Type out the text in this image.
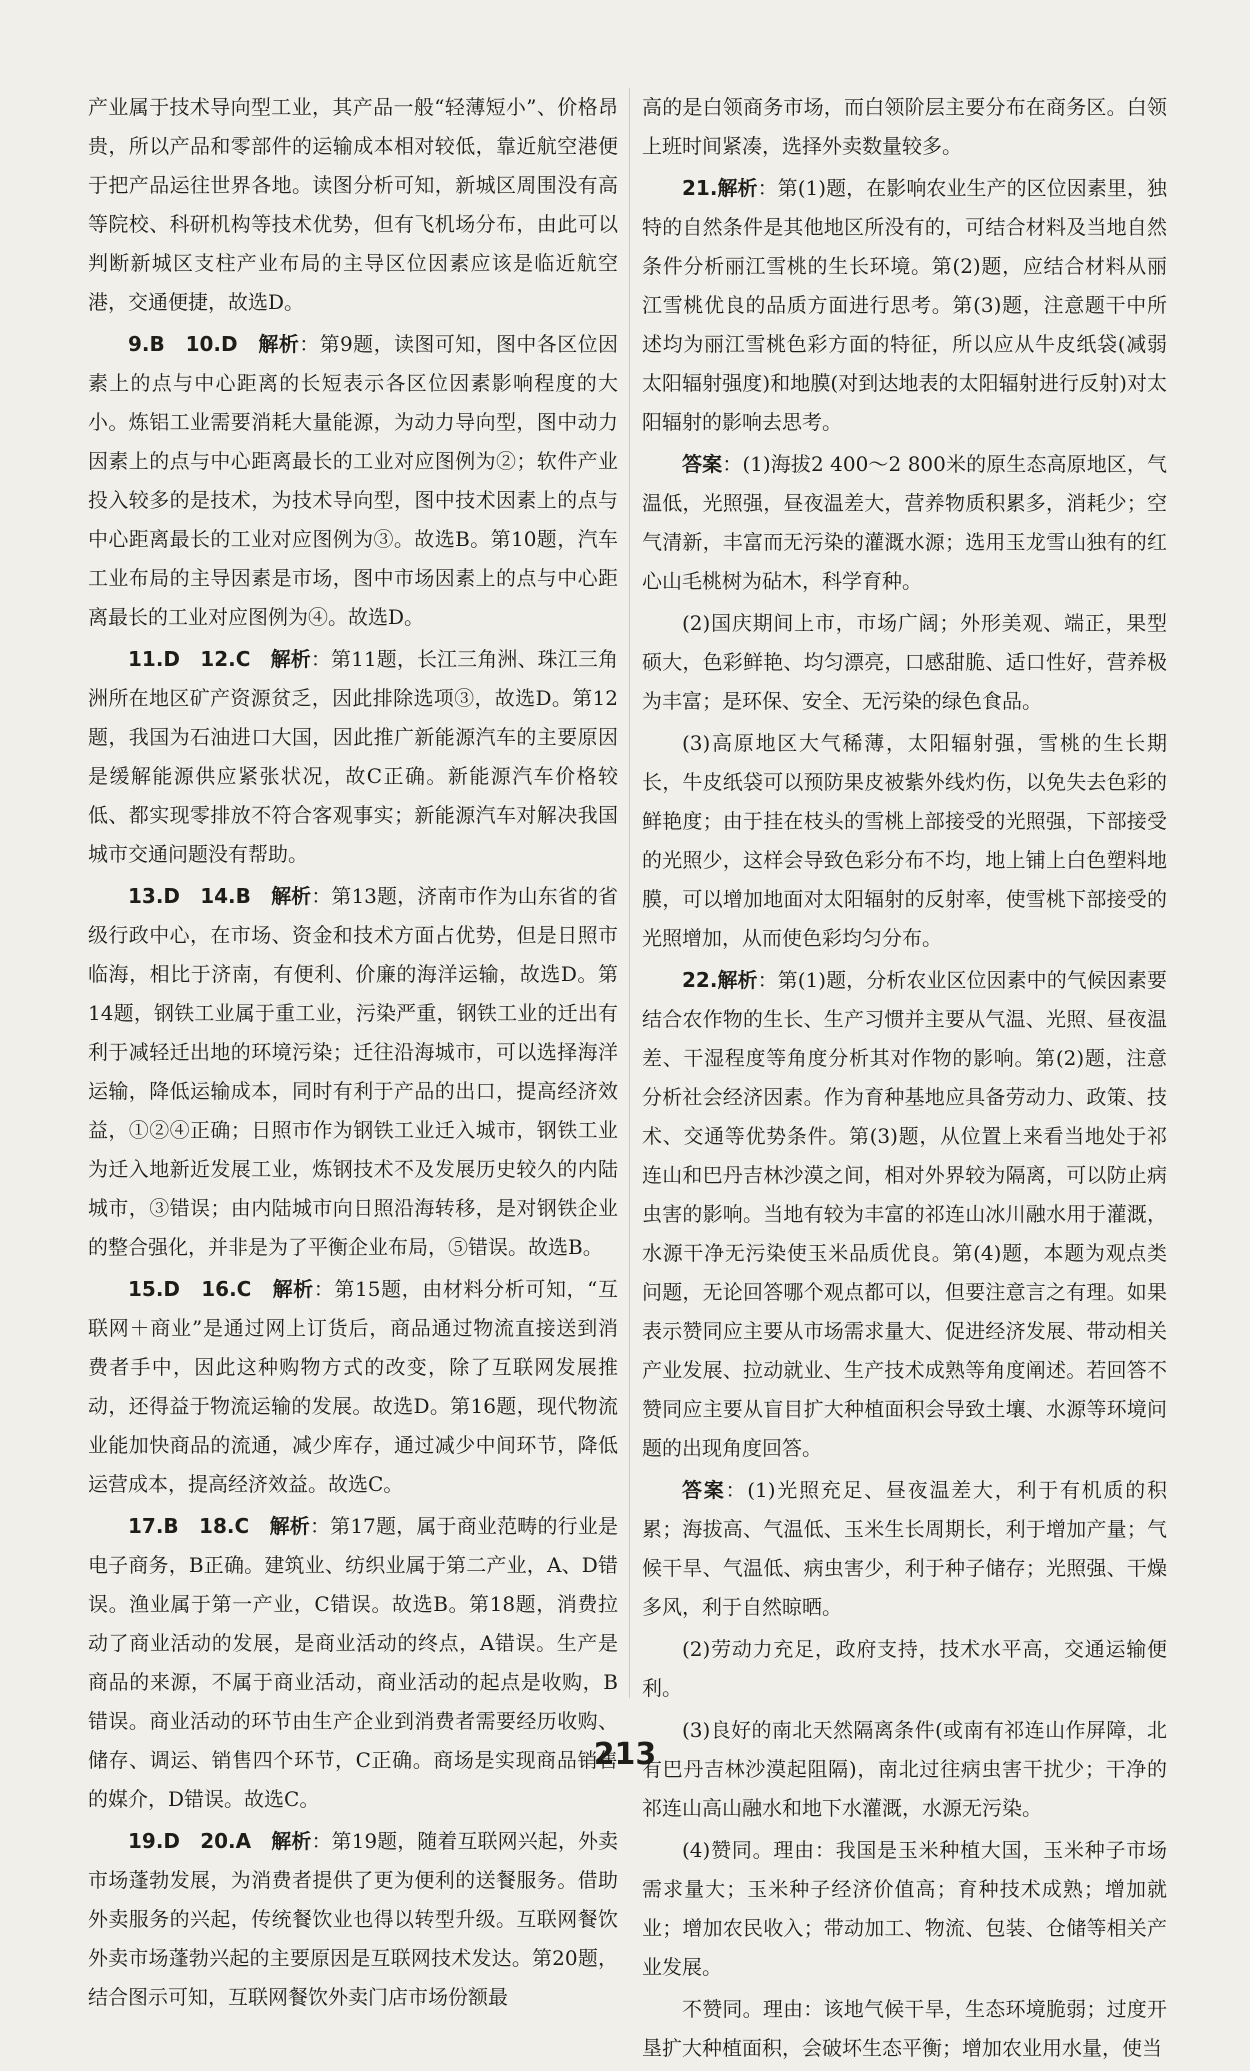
产业属于技术导向型工业，其产品一般“轻薄短小”、价格昂贵，所以产品和零部件的运输成本相对较低，靠近航空港便于把产品运往世界各地。读图分析可知，新城区周围没有高等院校、科研机构等技术优势，但有飞机场分布，由此可以判断新城区支柱产业布局的主导区位因素应该是临近航空港，交通便捷，故选D。

9.B　10.D　 解析：第9题，读图可知，图中各区位因素上的点与中心距离的长短表示各区位因素影响程度的大小。炼铝工业需要消耗大量能源，为动力导向型，图中动力因素上的点与中心距离最长的工业对应图例为②；软件产业投入较多的是技术，为技术导向型，图中技术因素上的点与中心距离最长的工业对应图例为③。故选B。第10题，汽车工业布局的主导因素是市场，图中市场因素上的点与中心距离最长的工业对应图例为④。故选D。

11.D　12.C　 解析：第11题，长江三角洲、珠江三角洲所在地区矿产资源贫乏，因此排除选项③，故选D。第12题，我国为石油进口大国，因此推广新能源汽车的主要原因是缓解能源供应紧张状况，故C正确。新能源汽车价格较低、都实现零排放不符合客观事实；新能源汽车对解决我国城市交通问题没有帮助。

13.D　14.B　 解析：第13题，济南市作为山东省的省级行政中心，在市场、资金和技术方面占优势，但是日照市临海，相比于济南，有便利、价廉的海洋运输，故选D。第14题，钢铁工业属于重工业，污染严重，钢铁工业的迁出有利于减轻迁出地的环境污染；迁往沿海城市，可以选择海洋运输，降低运输成本，同时有利于产品的出口，提高经济效益，①②④正确；日照市作为钢铁工业迁入城市，钢铁工业为迁入地新近发展工业，炼钢技术不及发展历史较久的内陆城市，③错误；由内陆城市向日照沿海转移，是对钢铁企业的整合强化，并非是为了平衡企业布局，⑤错误。故选B。

15.D　16.C　 解析：第15题，由材料分析可知，“互联网＋商业”是通过网上订货后，商品通过物流直接送到消费者手中，因此这种购物方式的改变，除了互联网发展推动，还得益于物流运输的发展。故选D。第16题，现代物流业能加快商品的流通，减少库存，通过减少中间环节，降低运营成本，提高经济效益。故选C。

17.B　18.C　 解析：第17题，属于商业范畴的行业是电子商务，B正确。建筑业、纺织业属于第二产业，A、D错误。渔业属于第一产业，C错误。故选B。第18题，消费拉动了商业活动的发展，是商业活动的终点，A错误。生产是商品的来源，不属于商业活动，商业活动的起点是收购，B错误。商业活动的环节由生产企业到消费者需要经历收购、储存、调运、销售四个环节，C正确。商场是实现商品销售的媒介，D错误。故选C。

19.D　20.A　 解析：第19题，随着互联网兴起，外卖市场蓬勃发展，为消费者提供了更为便利的送餐服务。借助外卖服务的兴起，传统餐饮业也得以转型升级。互联网餐饮外卖市场蓬勃兴起的主要原因是互联网技术发达。第20题，结合图示可知，互联网餐饮外卖门店市场份额最

高的是白领商务市场，而白领阶层主要分布在商务区。白领上班时间紧凑，选择外卖数量较多。

21.解析：第(1)题，在影响农业生产的区位因素里，独特的自然条件是其他地区所没有的，可结合材料及当地自然条件分析丽江雪桃的生长环境。第(2)题，应结合材料从丽江雪桃优良的品质方面进行思考。第(3)题，注意题干中所述均为丽江雪桃色彩方面的特征，所以应从牛皮纸袋(减弱太阳辐射强度)和地膜(对到达地表的太阳辐射进行反射)对太阳辐射的影响去思考。

答案：(1)海拔2 400～2 800米的原生态高原地区，气温低，光照强，昼夜温差大，营养物质积累多，消耗少；空气清新，丰富而无污染的灌溉水源；选用玉龙雪山独有的红心山毛桃树为砧木，科学育种。

(2)国庆期间上市，市场广阔；外形美观、端正，果型硕大，色彩鲜艳、均匀漂亮，口感甜脆、适口性好，营养极为丰富；是环保、安全、无污染的绿色食品。

(3)高原地区大气稀薄，太阳辐射强，雪桃的生长期长，牛皮纸袋可以预防果皮被紫外线灼伤，以免失去色彩的鲜艳度；由于挂在枝头的雪桃上部接受的光照强，下部接受的光照少，这样会导致色彩分布不均，地上铺上白色塑料地膜，可以增加地面对太阳辐射的反射率，使雪桃下部接受的光照增加，从而使色彩均匀分布。

22.解析：第(1)题，分析农业区位因素中的气候因素要结合农作物的生长、生产习惯并主要从气温、光照、昼夜温差、干湿程度等角度分析其对作物的影响。第(2)题，注意分析社会经济因素。作为育种基地应具备劳动力、政策、技术、交通等优势条件。第(3)题，从位置上来看当地处于祁连山和巴丹吉林沙漠之间，相对外界较为隔离，可以防止病虫害的影响。当地有较为丰富的祁连山冰川融水用于灌溉，水源干净无污染使玉米品质优良。第(4)题，本题为观点类问题，无论回答哪个观点都可以，但要注意言之有理。如果表示赞同应主要从市场需求量大、促进经济发展、带动相关产业发展、拉动就业、生产技术成熟等角度阐述。若回答不赞同应主要从盲目扩大种植面积会导致土壤、水源等环境问题的出现角度回答。

答案：(1)光照充足、昼夜温差大，利于有机质的积累；海拔高、气温低、玉米生长周期长，利于增加产量；气候干旱、气温低、病虫害少，利于种子储存；光照强、干燥多风，利于自然晾晒。

(2)劳动力充足，政府支持，技术水平高，交通运输便利。

(3)良好的南北天然隔离条件(或南有祁连山作屏障，北有巴丹吉林沙漠起阻隔)，南北过往病虫害干扰少；干净的祁连山高山融水和地下水灌溉，水源无污染。

(4)赞同。理由：我国是玉米种植大国，玉米种子市场需求量大；玉米种子经济价值高；育种技术成熟；增加就业；增加农民收入；带动加工、物流、包装、仓储等相关产业发展。

不赞同。理由：该地气候干旱，生态环境脆弱；过度开垦扩大种植面积，会破坏生态平衡；增加农业用水量，使当

213
